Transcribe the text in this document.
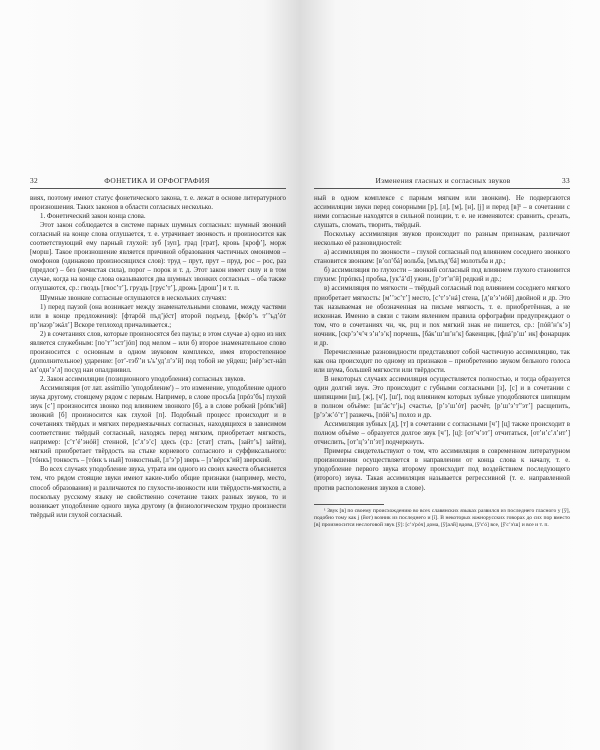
32	ФОНЕТИКА И ОРФОГРАФИЯ

виях, поэтому имеют статус фонетического закона, т. е. лежат в основе литературного произношения. Таких законов в области согласных несколько.

1. Фонетический закон конца слова.

Этот закон соблюдается в системе парных шумных согласных: шумный звонкий согласный на конце слова оглушается, т. е. утрачивает звонкость и произносится как соответствующий ему парный глухой: зуб [зуп], град [грат], кровь [крофʼ], морж [морш]. Такое произношение является причиной образования частичных омонимов – омофонов (одинаково произносящихся слов): труд – прут, прут – пруд, рос – рос, раз (предлог) – без (нечистая сила), порог – порок и т. д. Этот закон имеет силу и в том случае, когда на конце слова оказываются два шумных звонких согласных – оба также оглушаются, ср.: гвоздь [гвосʼтʼ], груздь [грусʼтʼ], дрожь [дрошʼ] и т. п.

Шумные звонкие согласные оглушаются в нескольких случаях:

1) перед паузой (она возникает между знаменательными словами, между частями или в конце предложения): [фтарóй пъдʼjéст] второй подъезд, [фкóрʼъ тʼʼъдʼóт прʼиаэрʼэкáлʼ] Вскоре теплоход причаливается.;

2) в сочетаниях слов, которые произносятся без паузы; в этом случае а) одно из них является служебным: [поʼтʼʼэстʼjóп] под мелом – или б) второе знаменательное слово произносится с основным в одном звуковом комплексе, имея второстепенное (дополнительное) ударение: [отʼ-тэб'ʼи ъ'ьʼудʼлʼэʼй] под тобой не уйдеш; [нéрʼэст-нáп алʼоднʼэʼл] посуд наи опалднивил.

2. Закон ассимиляции (позиционного уподобления) согласных звуков.

Ассимиляция (от лат. assimilio 'уподобление') – это изменение, уподобление одного звука другому, стоящему рядом с первым. Например, в слове просьба [прóзʼбъ] глухой звук [сʼ] произносится звонко под влиянием звонкого [б], а в слове робкий [рóпкʼий] звонкий [б] произносится как глухой [п]. Подобный процесс происходит и в сочетаниях твёрдых и мягких переднеязычных согласных, находящихся в зависимом соответствии: твёрдый согласный, находясь перед мягким, приобретает мягкость, например: [сʼтʼéʼэнóй] стенной, [сʼлʼэʼс] здесь (ср.: [стат] стать, [зайтʼъ] зайти), мягкий приобретает твёрдость на стыке корневого согласного и суффиксального: [тóнкъ] тонкость – [тóнк ъ ный] тонкостный, [лʼэʼр] зверь – [зʼвéрскʼий] зверский.

Во всех случаях уподобление звука, утрата им одного из своих качеств объясняется тем, что рядом стоящие звуки имеют какие-либо общие признаки (например, место, способ образования) и различаются по глухости-звонкости или твёрдости-мягкости, а поскольку русскому языку не свойственно сочетание таких разных звуков, то и возникает уподобление одного звука другому (в физиологическом трудно произнести твёрдый или глухой согласный.

Изменения гласных и согласных звуков	33

ный в одном комплексе с парным мягким или звонким). Не подвергаются ассимиляции звуки перед сонорными [р], [л], [м], [н], [j] и перед [в]¹ – в сочетании с ними согласные находятся в сильной позиции, т. е. не изменяются: сравнить, срезать, слушать, сломать, творить, твёрдый.

Поскольку ассимиляция звуков происходит по разным признакам, различают несколько её разновидностей:

а) ассимиляция по звонкости – глухой согласный под влиянием соседнего звонкого становится звонким: [вʼолʼбá] вольба, [мълъдʼбá] молотьба и др.;

б) ассимиляция по глухости – звонкий согласный под влиянием глухого становится глухим: [прóпкъ] пробка, [укʼáʼd] ужин, [рʼэтʼиʼй] редкий и др.;

в) ассимиляция по мягкости – твёрдый согласный под влиянием соседнего мягкого приобретает мягкость: [мʼʼэсʼтʼ] место, [сʼтʼэʼнá] стена, [дʼвʼэʼнóй] двойной и др. Это так называемая не обозначенная на письме мягкость, т. е. приобретённая, а не исконная. Именно в связи с таким явлением правила орфографии предупреждают о том, что в сочетаниях чн, чк, рщ и пох мягкий знак не пишется, ср.: [пóйʼнʼкʼэ] ночник, [скрʼэʼчʼч эʼнʼэʼк] порчешь, [бáкʼшʼшʼнʼк] бакенщик, [флáʼрʼшʼ ик] фонарщик и др.

Перечисленные разновидности представляют собой частичную ассимиляцию, так как она происходит по одному из признаков – приобретению звуком бельного голоса или шума, большей мягкости или твёрдости.

В некоторых случаях ассимиляция осуществляется полностью, и тогда образуется один долгий звук. Это происходит с губными согласными [з], [с] и в сочетании с шипящими [ш], [ж], [ч'], [ш'], под влиянием которых зубные уподобляются шипящим в полном объёме: [шʼáсʼтʼjь] счастье, [рʼэʼшʼóт] расчёт, [рʼшʼэʼт'ʼэтʼ] расщепить, [рʼэʼжʼóʼтʼ] разжечь, [пóйʼъ] полоз и др.

Ассимиляция зубных [д], [т] в сочетании с согласными [чʼ] [ц] также происходит в полном объёме – образуется долгое звук [чʼ], [ц]: [отʼчʼэтʼ] отчитаться, [отʼиʼсʼлʼитʼ] отчислить, [отʼцʼэʼпʼэт] подчеркнуть.

Примеры свидетельствуют о том, что ассимиляция в современном литературном произношении осуществляется в направлении от конца слова к началу, т. е. уподобление первого звука второму происходит под воздействием последующего (второго) звука. Такая ассимиляция называется регрессивной (т. е. направленной против расположения звуков в слове).

¹ Звук [в] по своему происхождению во всех славянских языках развился из последнего гласного у [ў], подобно тому как ј (йот) возник из последнего и [ĭ]. В некоторых южнорусских говорах до сих пор вместо [в] произносится неслоговой звук [ў]: [сʼэ'рóч] дома, [ў]алй] вдова, [ў'с'ó] все, [ў'сʼэ'ш] и все и т. п.
